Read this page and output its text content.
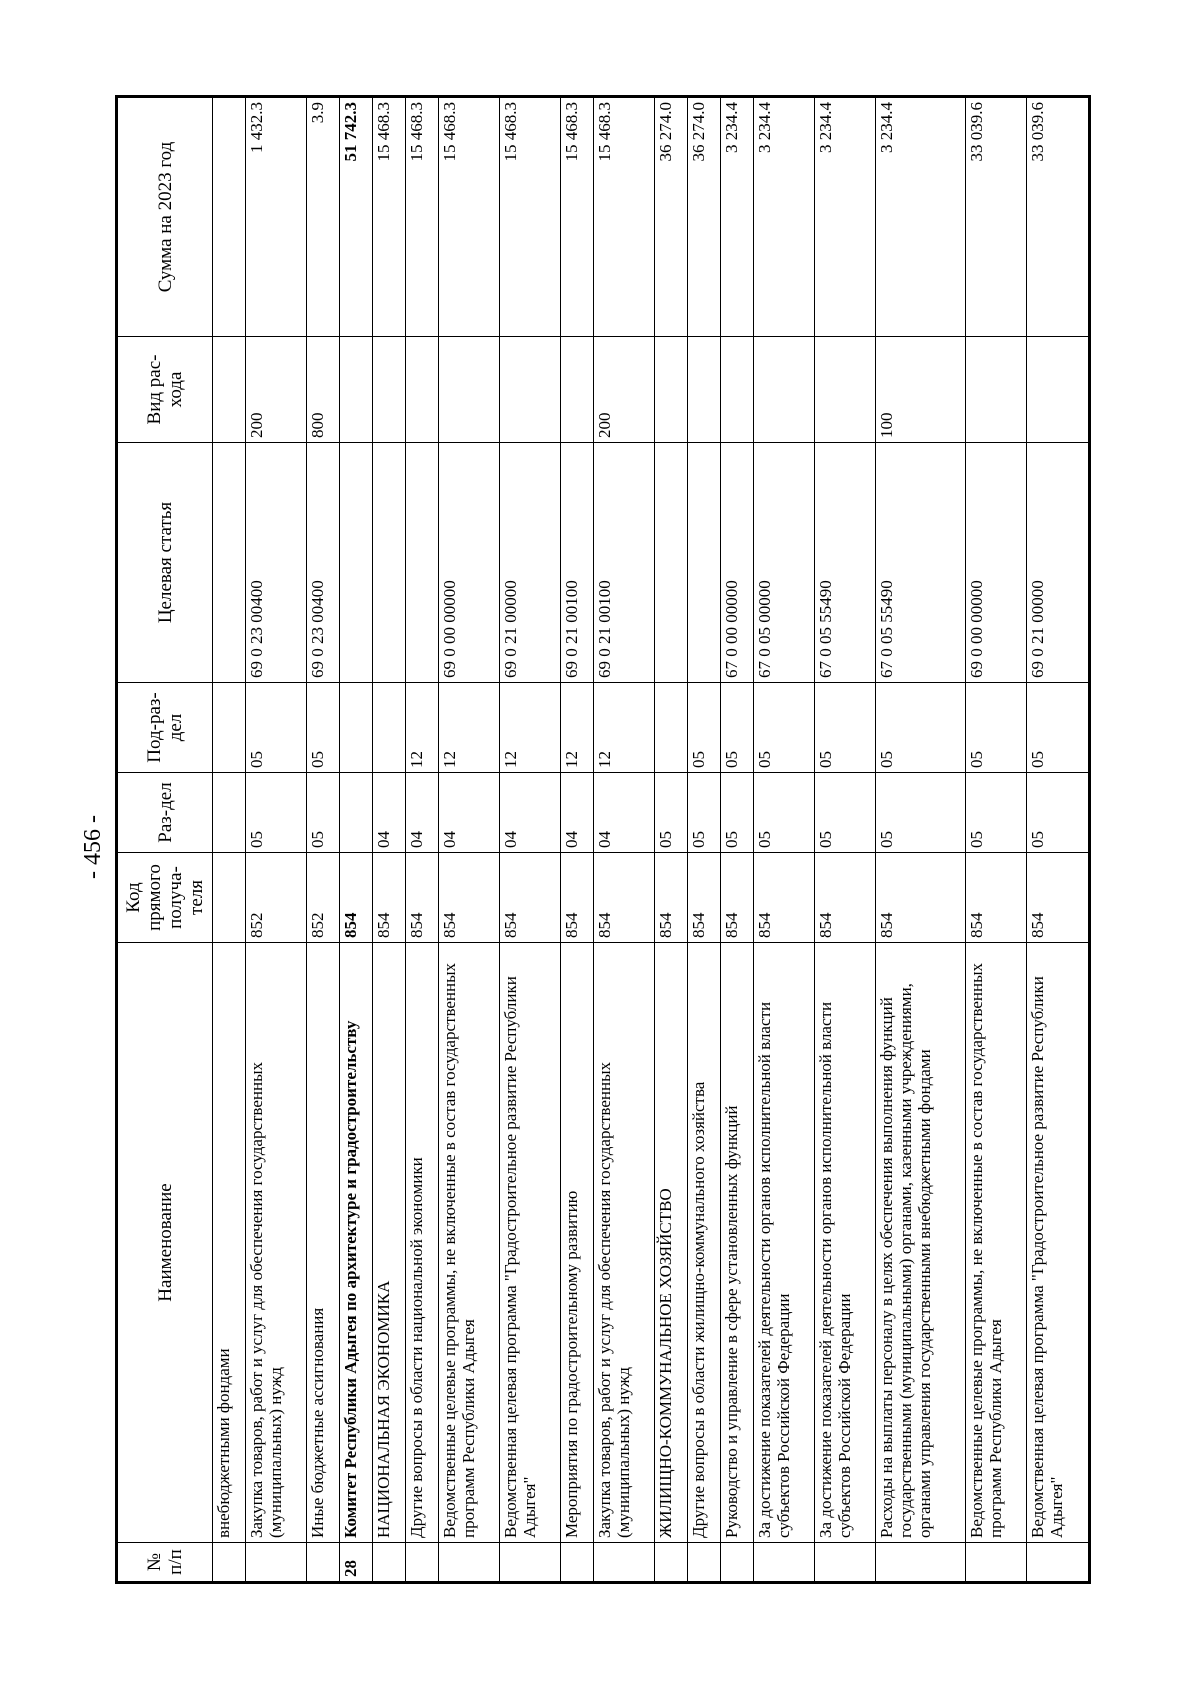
- 456 -
№ п/п	Наименование	Код прямого получа-теля	Раз-дел	Под-раз-дел	Целевая статья	Вид рас-хода	Сумма на 2023 год
	внебюджетными фондами						
	Закупка товаров, работ и услуг для обеспечения государственных (муниципальных) нужд	852	05	05	69 0 23 00400	200	1 432.3
	Иные бюджетные ассигнования	852	05	05	69 0 23 00400	800	3.9
28	Комитет Республики Адыгея по архитектуре и градостроительству	854					51 742.3
	НАЦИОНАЛЬНАЯ ЭКОНОМИКА	854	04				15 468.3
	Другие вопросы в области национальной экономики	854	04	12			15 468.3
	Ведомственные целевые программы, не включенные в состав государственных программ Республики Адыгея	854	04	12	69 0 00 00000		15 468.3
	Ведомственная целевая программа "Градостроительное развитие Республики Адыгея"	854	04	12	69 0 21 00000		15 468.3
	Мероприятия по градостроительному развитию	854	04	12	69 0 21 00100		15 468.3
	Закупка товаров, работ и услуг для обеспечения государственных (муниципальных) нужд	854	04	12	69 0 21 00100	200	15 468.3
	ЖИЛИЩНО-КОММУНАЛЬНОЕ ХОЗЯЙСТВО	854	05				36 274.0
	Другие вопросы в области жилищно-коммунального хозяйства	854	05	05			36 274.0
	Руководство и управление в сфере установленных функций	854	05	05	67 0 00 00000		3 234.4
	За достижение показателей деятельности органов исполнительной власти субъектов Российской Федерации	854	05	05	67 0 05 00000		3 234.4
	За достижение показателей деятельности органов исполнительной власти субъектов Российской Федерации	854	05	05	67 0 05 55490		3 234.4
	Расходы на выплаты персоналу в целях обеспечения выполнения функций государственными (муниципальными) органами, казенными учреждениями, органами управления государственными внебюджетными фондами	854	05	05	67 0 05 55490	100	3 234.4
	Ведомственные целевые программы, не включенные в состав государственных программ Республики Адыгея	854	05	05	69 0 00 00000		33 039.6
	Ведомственная целевая программа "Градостроительное развитие Республики Адыгея"	854	05	05	69 0 21 00000		33 039.6
